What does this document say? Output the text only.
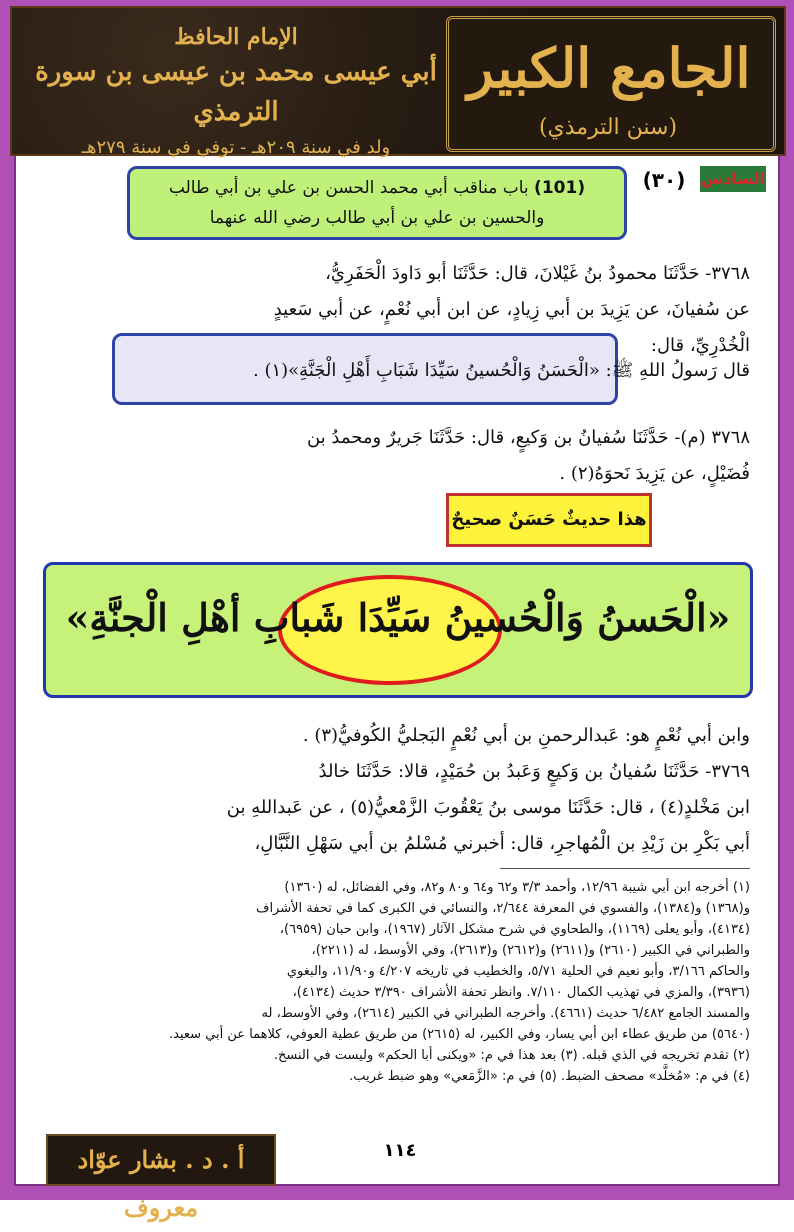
الجامع الكبير
(سنن الترمذي)
الإمام الحافظ
أبي عيسى محمد بن عيسى بن سورة الترمذي
ولد في سنة ٢٠٩هـ - توفي في سنة ٢٧٩هـ
السادس
(٣٠)
(101) باب مناقب أبي محمد الحسن بن علي بن أبي طالب
والحسين بن علي بن أبي طالب رضي الله عنهما
٣٧٦٨- حَدَّثَنَا محمودُ بنُ غَيْلانَ، قال: حَدَّثَنَا أبو دَاودَ الْحَفَرِيُّ،
عن سُفيانَ، عن يَزِيدَ بن أبي زِيادٍ، عن ابن أبي نُعْمٍ، عن أبي سَعيدٍ
الْخُدْرِيِّ، قال:
قال رَسولُ اللهِ ﷺ: «الْحَسَنُ وَالْحُسينُ سَيِّدَا شَبَابِ أَهْلِ الْجَنَّةِ»(١) .
٣٧٦٨ (م)- حَدَّثَنَا سُفيانُ بن وَكيعٍ، قال: حَدَّثَنَا جَريرٌ ومحمدُ بن
فُضَيْلٍ، عن يَزِيدَ نَحوَهُ(٢) .
هذا حديثٌ حَسَنٌ صحيحٌ
«الْحَسنُ وَالْحُسينُ سَيِّدَا شَبابِ أهْلِ الْجنَّةِ»
وابن أبي نُعْمٍ هو: عَبدالرحمنِ بن أبي نُعْمٍ البَجليُّ الكُوفيُّ(٣) .
٣٧٦٩- حَدَّثَنَا سُفيانُ بن وَكيعٍ وَعَبدُ بن حُمَيْدٍ، قالا: حَدَّثَنَا خالدُ
ابن مَخْلدٍ(٤) ، قال: حَدَّثَنَا موسى بنُ يَعْقُوبَ الزَّمْعيُّ(٥) ، عن عَبداللهِ بن
أبي بَكْرِ بن زَيْدِ بن الْمُهاجرِ، قال: أخبرني مُسْلمُ بن أبي سَهْلِ النَّبَّالِ،
(١) أخرجه ابن أبي شيبة ١٢/٩٦، وأحمد ٣/٣ و٦٢ و٦٤ و٨٠ و٨٢، وفي الفضائل، له (١٣٦٠)
و(١٣٦٨) و(١٣٨٤)، والفسوي في المعرفة ٢/٦٤٤، والنسائي في الكبرى كما في تحفة الأشراف
(٤١٣٤)، وأبو يعلى (١١٦٩)، والطحاوي في شرح مشكل الآثار (١٩٦٧)، وابن حبان (٦٩٥٩)،
والطبراني في الكبير (٢٦١٠) و(٢٦١١) و(٢٦١٢) و(٢٦١٣)، وفي الأوسط، له (٢٢١١)،
والحاكم ٣/١٦٦، وأبو نعيم في الحلية ٥/٧١، والخطيب في تاريخه ٤/٢٠٧ و١١/٩٠، والبغوي
(٣٩٣٦)، والمزي في تهذيب الكمال ٧/١١٠. وانظر تحفة الأشراف ٣/٣٩٠ حديث (٤١٣٤)،
والمسند الجامع ٦/٤٨٢ حديث (٤٦٦١). وأخرجه الطبراني في الكبير (٢٦١٤)، وفي الأوسط، له
(٥٦٤٠) من طريق عطاء ابن أبي يسار، وفي الكبير، له (٢٦١٥) من طريق عطية العوفي، كلاهما عن أبي سعيد.
(٢) تقدم تخريجه في الذي قبله. (٣) بعد هذا في م: «ويكنى أبا الحكم» وليست في النسخ.
(٤) في م: «مُخلَّد» مصحف الضبط. (٥) في م: «الزَّمَعي» وهو ضبط غريب.
١١٤
أ . د . بشار عوّاد معروف
